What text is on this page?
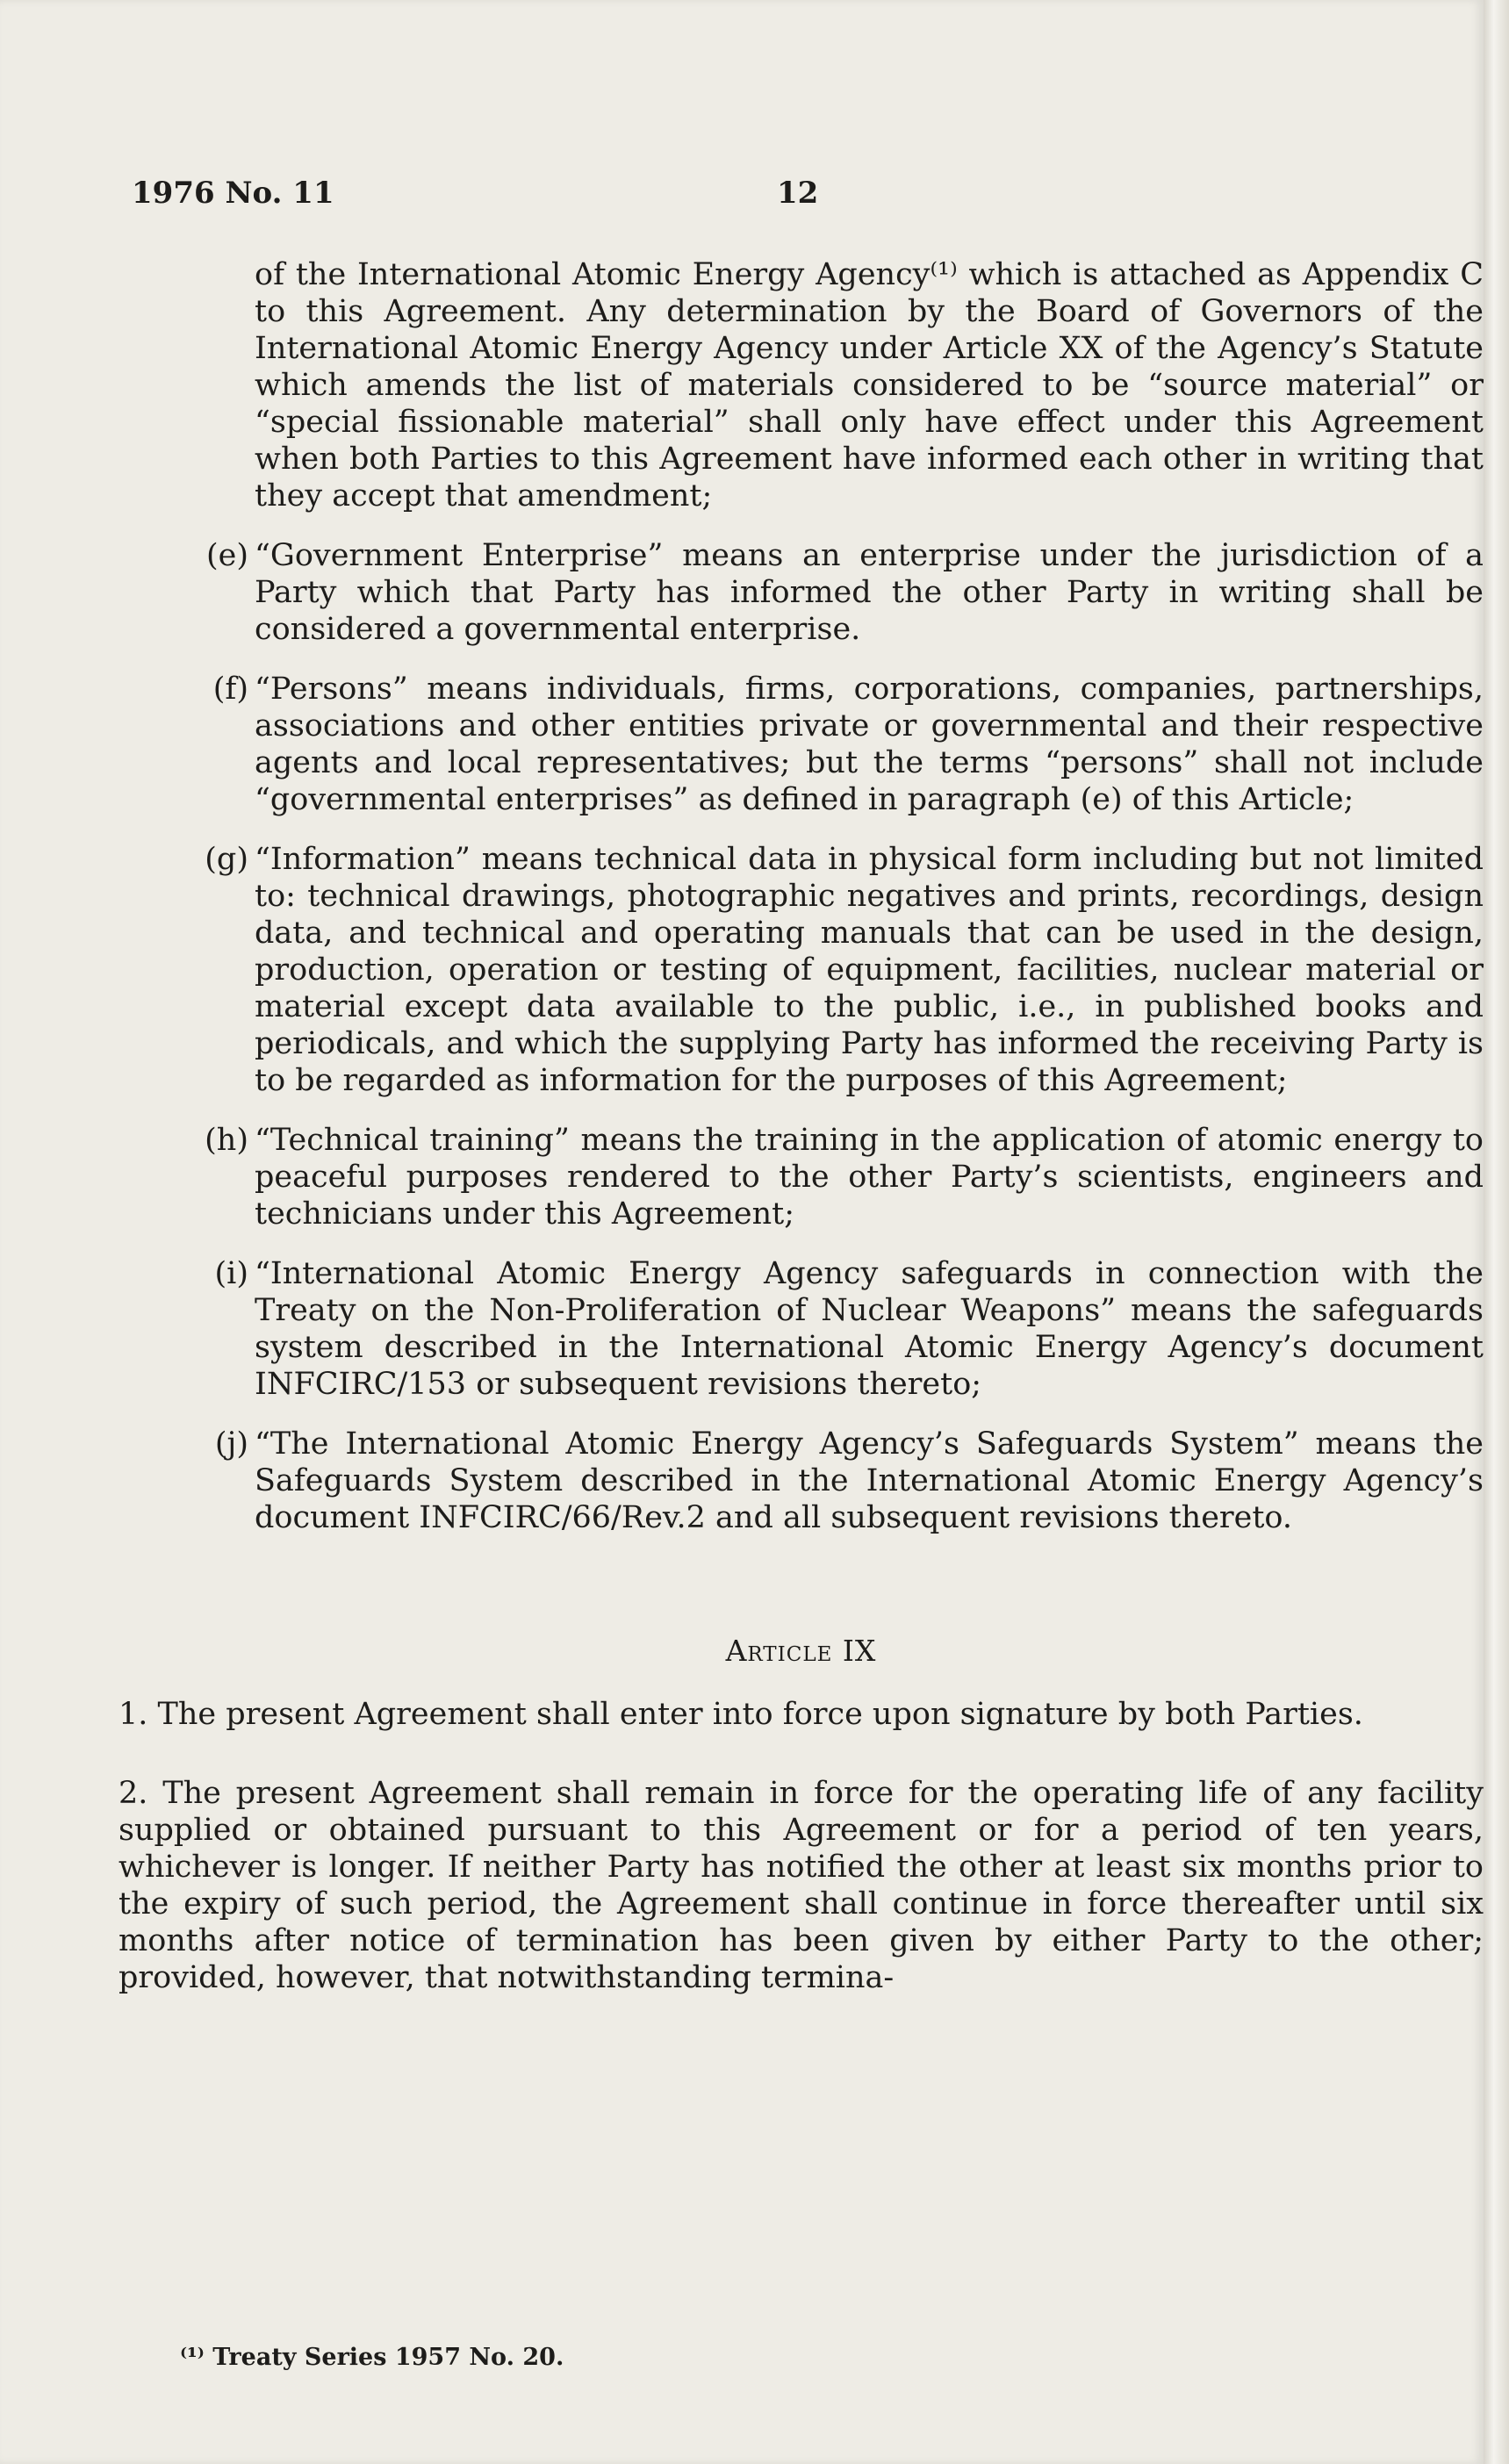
1976 No. 11	12

of the International Atomic Energy Agency⁽¹⁾ which is attached as Appendix C to this Agreement. Any determination by the Board of Governors of the International Atomic Energy Agency under Article XX of the Agency’s Statute which amends the list of materials considered to be “source material” or “special fissionable material” shall only have effect under this Agreement when both Parties to this Agreement have informed each other in writing that they accept that amendment;

(e) “Government Enterprise” means an enterprise under the jurisdiction of a Party which that Party has informed the other Party in writing shall be considered a governmental enterprise.

(f) “Persons” means individuals, firms, corporations, companies, partnerships, associations and other entities private or governmental and their respective agents and local representatives; but the terms “persons” shall not include “governmental enterprises” as defined in paragraph (e) of this Article;

(g) “Information” means technical data in physical form including but not limited to: technical drawings, photographic negatives and prints, recordings, design data, and technical and operating manuals that can be used in the design, production, operation or testing of equipment, facilities, nuclear material or material except data available to the public, i.e., in published books and periodicals, and which the supplying Party has informed the receiving Party is to be regarded as information for the purposes of this Agreement;

(h) “Technical training” means the training in the application of atomic energy to peaceful purposes rendered to the other Party’s scientists, engineers and technicians under this Agreement;

(i) “International Atomic Energy Agency safeguards in connection with the Treaty on the Non-Proliferation of Nuclear Weapons” means the safeguards system described in the International Atomic Energy Agency’s document INFCIRC/153 or subsequent revisions thereto;

(j) “The International Atomic Energy Agency’s Safeguards System” means the Safeguards System described in the International Atomic Energy Agency’s document INFCIRC/66/Rev.2 and all subsequent revisions thereto.

Article IX

1. The present Agreement shall enter into force upon signature by both Parties.

2. The present Agreement shall remain in force for the operating life of any facility supplied or obtained pursuant to this Agreement or for a period of ten years, whichever is longer. If neither Party has notified the other at least six months prior to the expiry of such period, the Agreement shall continue in force thereafter until six months after notice of termination has been given by either Party to the other; provided, however, that notwithstanding termina-

⁽¹⁾ Treaty Series 1957 No. 20.
